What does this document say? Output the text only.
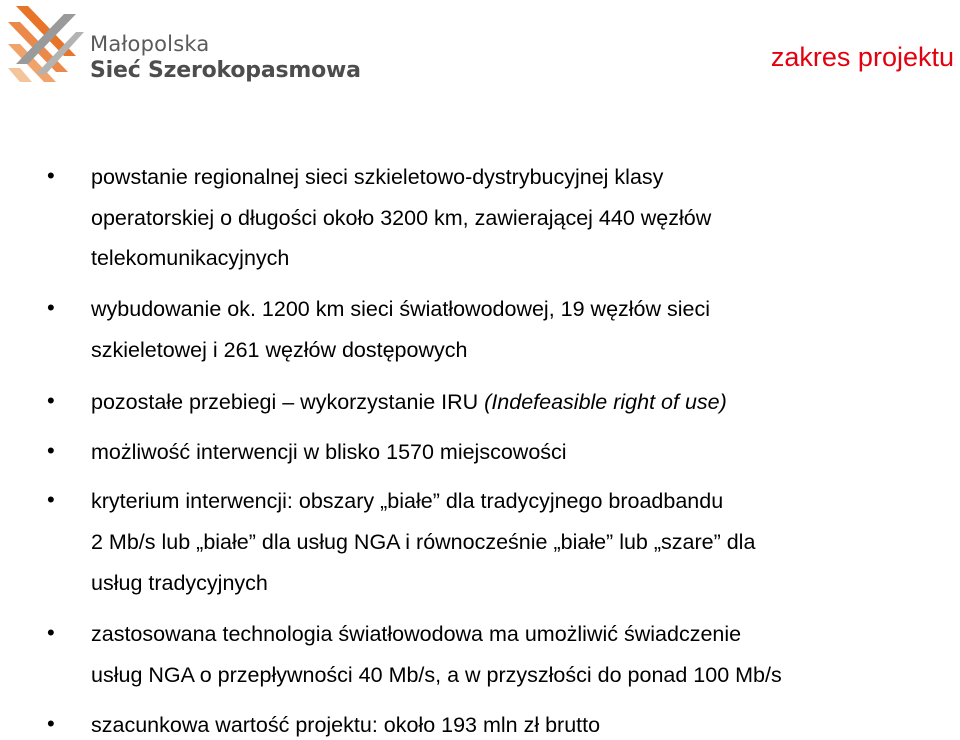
Małopolska
Sieć Szerokopasmowa	zakres projektu
• powstanie regionalnej sieci szkieletowo-dystrybucyjnej klasy
operatorskiej o długości około 3200 km, zawierającej 440 węzłów
telekomunikacyjnych
• wybudowanie ok. 1200 km sieci światłowodowej, 19 węzłów sieci
szkieletowej i 261 węzłów dostępowych
• pozostałe przebiegi – wykorzystanie IRU (Indefeasible right of use)
• możliwość interwencji w blisko 1570 miejscowości
• kryterium interwencji: obszary „białe” dla tradycyjnego broadbandu
2 Mb/s lub „białe” dla usług NGA i równocześnie „białe” lub „szare” dla
usług tradycyjnych
• zastosowana technologia światłowodowa ma umożliwić świadczenie
usług NGA o przepływności 40 Mb/s, a w przyszłości do ponad 100 Mb/s
• szacunkowa wartość projektu: około 193 mln zł brutto
